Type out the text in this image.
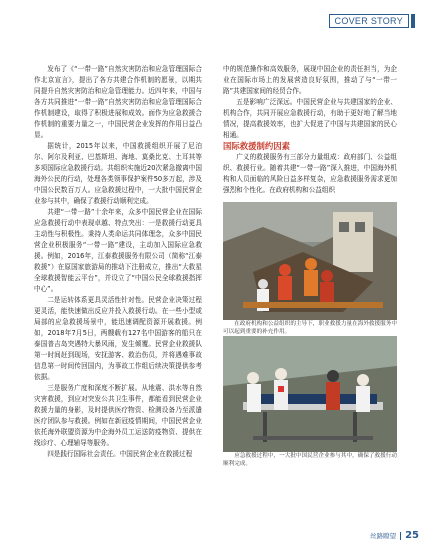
COVER STORY

发布了《“一带一路”自然灾害防治和应急管理国际合作北京宣言》，提出了各方共建合作机制的愿景，以期共同提升自然灾害防治和应急管理能力。近四年来，中国与各方共同推进“一带一路”自然灾害防治和应急管理国际合作机制建设，取得了积极进展和成效。面作为应急救援合作机制的重要力量之一，中国民营企业发挥的作用日益凸显。

据统计，2015年以来，中国救援组织开展了尼泊尔、阿尔及利亚、巴基斯坦、海地、莫桑比克、土耳其等多项国际应急救援行动。共组织实施近20次紧急撤离中国海外公民的行动，处理各类领事保护案件50多万起，涉及中国公民数百万人。应急救援过程中，一大批中国民营企业参与其中，确保了救援行动顺利完成。

共建“一带一路”十余年来，众多中国民营企业在国际应急救援行动中表现卓越、特点突出：一是救援行动更具主动性与积极性。秉持人类命运共同体理念，众多中国民营企业积极服务“一带一路”建设，主动加入国际应急救援。例如，2016年，江泰救援服务有限公司（简称“江泰救援”）在原国家旅游局的推动下注册成立，推出“大救星全球救援智能云平台”，并设立了“中国公民全球救援指挥中心”。

二是运转体系更具灵活性针对性。民营企业决策过程更灵活，能快速做出反应并投入救援行动。在一些小型或局部的应急救援场景中，能迅速调配资源开展救援。例如，2018年7月5日，两艘载有127名中国游客的船只在泰国普吉岛突遇特大暴风雨，发生倾覆。民营企业救援队第一时间赶到现场，安抚游客、救治伤员，并将遇难事故信息第一时间传回国内，为事故工作组后续决策提供参考依据。

三是服务广度和深度不断扩展。从地震、洪水等自然灾害救援，到应对突发公共卫生事件，都能看到民营企业救援力量的身影，及时提供医疗物资、检测设备乃至派遣医疗团队参与救援。例如在新冠疫情期间，中国民营企业依托海外联盟资源为中企海外员工运送防疫物资、提供在线诊疗、心理辅导等服务。

四是践行国际社会责任。中国民营企业在救援过程

中的规范操作和高效服务，展现中国企业的责任担当，为企业在国际市场上的发展营造良好氛围，推动了与“一带一路”共建国家间的经贸合作。

五是影响广泛深远。中国民营企业与共建国家的企业、机构合作，共同开展应急救援行动，有助于更好地了解当地情况，提高救援效率，也扩大促进了中国与共建国家的民心相通。

国际救援制约因素

广义的救援服务有三部分力量组成：政府部门、公益组织、救援行业。随着共建“一带一路”深入推进，中国海外机构和人员面临的风险日益多样复杂，应急救援服务需求更加强烈和个性化。在政府机构和公益组织

在政府机构和公益组织的主导下，职业救援力量在海外救援服务中可以起到重要的补充作用。

应急救援过程中，一大批中国民营企业参与其中，确保了救援行动顺利完成。

丝路瞭望 25
